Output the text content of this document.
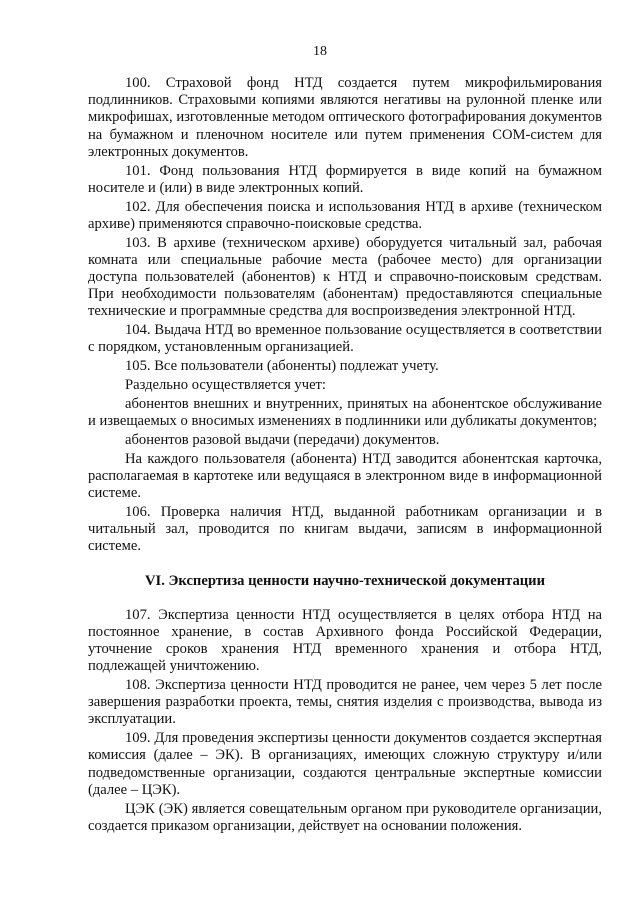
18

100. Страховой фонд НТД создается путем микрофильмирования подлинников. Страховыми копиями являются негативы на рулонной пленке или микрофишах, изготовленные методом оптического фотографирования документов на бумажном и пленочном носителе или путем применения СОМ-систем для электронных документов.

101. Фонд пользования НТД формируется в виде копий на бумажном носителе и (или) в виде электронных копий.

102. Для обеспечения поиска и использования НТД в архиве (техническом архиве) применяются справочно-поисковые средства.

103. В архиве (техническом архиве) оборудуется читальный зал, рабочая комната или специальные рабочие места (рабочее место) для организации доступа пользователей (абонентов) к НТД и справочно-поисковым средствам. При необходимости пользователям (абонентам) предоставляются специальные технические и программные средства для воспроизведения электронной НТД.

104. Выдача НТД во временное пользование осуществляется в соответствии с порядком, установленным организацией.

105. Все пользователи (абоненты) подлежат учету.

Раздельно осуществляется учет:

абонентов внешних и внутренних, принятых на абонентское обслуживание и извещаемых о вносимых изменениях в подлинники или дубликаты документов;

абонентов разовой выдачи (передачи) документов.

На каждого пользователя (абонента) НТД заводится абонентская карточка, располагаемая в картотеке или ведущаяся в электронном виде в информационной системе.

106. Проверка наличия НТД, выданной работникам организации и в читальный зал, проводится по книгам выдачи, записям в информационной системе.

VI. Экспертиза ценности научно-технической документации

107. Экспертиза ценности НТД осуществляется в целях отбора НТД на постоянное хранение, в состав Архивного фонда Российской Федерации, уточнение сроков хранения НТД временного хранения и отбора НТД, подлежащей уничтожению.

108. Экспертиза ценности НТД проводится не ранее, чем через 5 лет после завершения разработки проекта, темы, снятия изделия с производства, вывода из эксплуатации.

109. Для проведения экспертизы ценности документов создается экспертная комиссия (далее – ЭК). В организациях, имеющих сложную структуру и/или подведомственные организации, создаются центральные экспертные комиссии (далее – ЦЭК).

ЦЭК (ЭК) является совещательным органом при руководителе организации, создается приказом организации, действует на основании положения.
